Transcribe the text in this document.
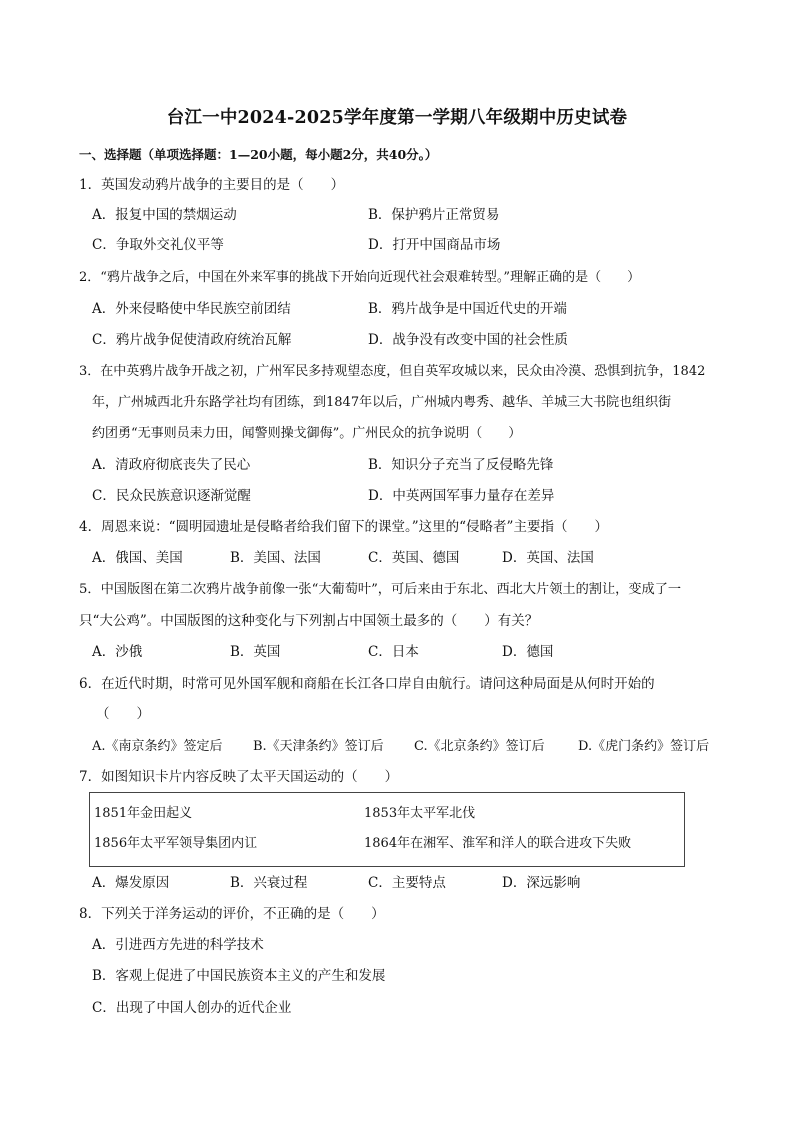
台江一中2024-2025学年度第一学期八年级期中历史试卷
一、选择题（单项选择题：1—20小题，每小题2分，共40分。）
1．英国发动鸦片战争的主要目的是（　　）
A．报复中国的禁烟运动	B．保护鸦片正常贸易
C．争取外交礼仪平等	D．打开中国商品市场
2．“鸦片战争之后，中国在外来军事的挑战下开始向近现代社会艰难转型。”理解正确的是（　　）
A．外来侵略使中华民族空前团结	B．鸦片战争是中国近代史的开端
C．鸦片战争促使清政府统治瓦解	D．战争没有改变中国的社会性质
3．在中英鸦片战争开战之初，广州军民多持观望态度，但自英军攻城以来，民众由冷漠、恐惧到抗争，1842
年，广州城西北升东路学社均有团练，到1847年以后，广州城内粤秀、越华、羊城三大书院也组织街
约团勇“无事则员耒力田，闻警则操戈御侮”。广州民众的抗争说明（　　）
A．清政府彻底丧失了民心	B．知识分子充当了反侵略先锋
C．民众民族意识逐渐觉醒	D．中英两国军事力量存在差异
4．周恩来说：“圆明园遗址是侵略者给我们留下的课堂。”这里的“侵略者”主要指（　　）
A．俄国、美国	B．美国、法国	C．英国、德国	D．英国、法国
5．中国版图在第二次鸦片战争前像一张“大葡萄叶”，可后来由于东北、西北大片领土的割让，变成了一
只“大公鸡”。中国版图的这种变化与下列割占中国领土最多的（　　）有关？
A．沙俄	B．英国	C．日本	D．德国
6．在近代时期，时常可见外国军舰和商船在长江各口岸自由航行。请问这种局面是从何时开始的
（　　）
A.《南京条约》签定后 B.《天津条约》签订后 C.《北京条约》签订后	D.《虎门条约》签订后
7．如图知识卡片内容反映了太平天国运动的（　　）
1851年金田起义	1853年太平军北伐
1856年太平军领导集团内讧	1864年在湘军、淮军和洋人的联合进攻下失败
A．爆发原因	B．兴衰过程	C．主要特点	D．深远影响
8．下列关于洋务运动的评价，不正确的是（　　）
A．引进西方先进的科学技术
B．客观上促进了中国民族资本主义的产生和发展
C．出现了中国人创办的近代企业
